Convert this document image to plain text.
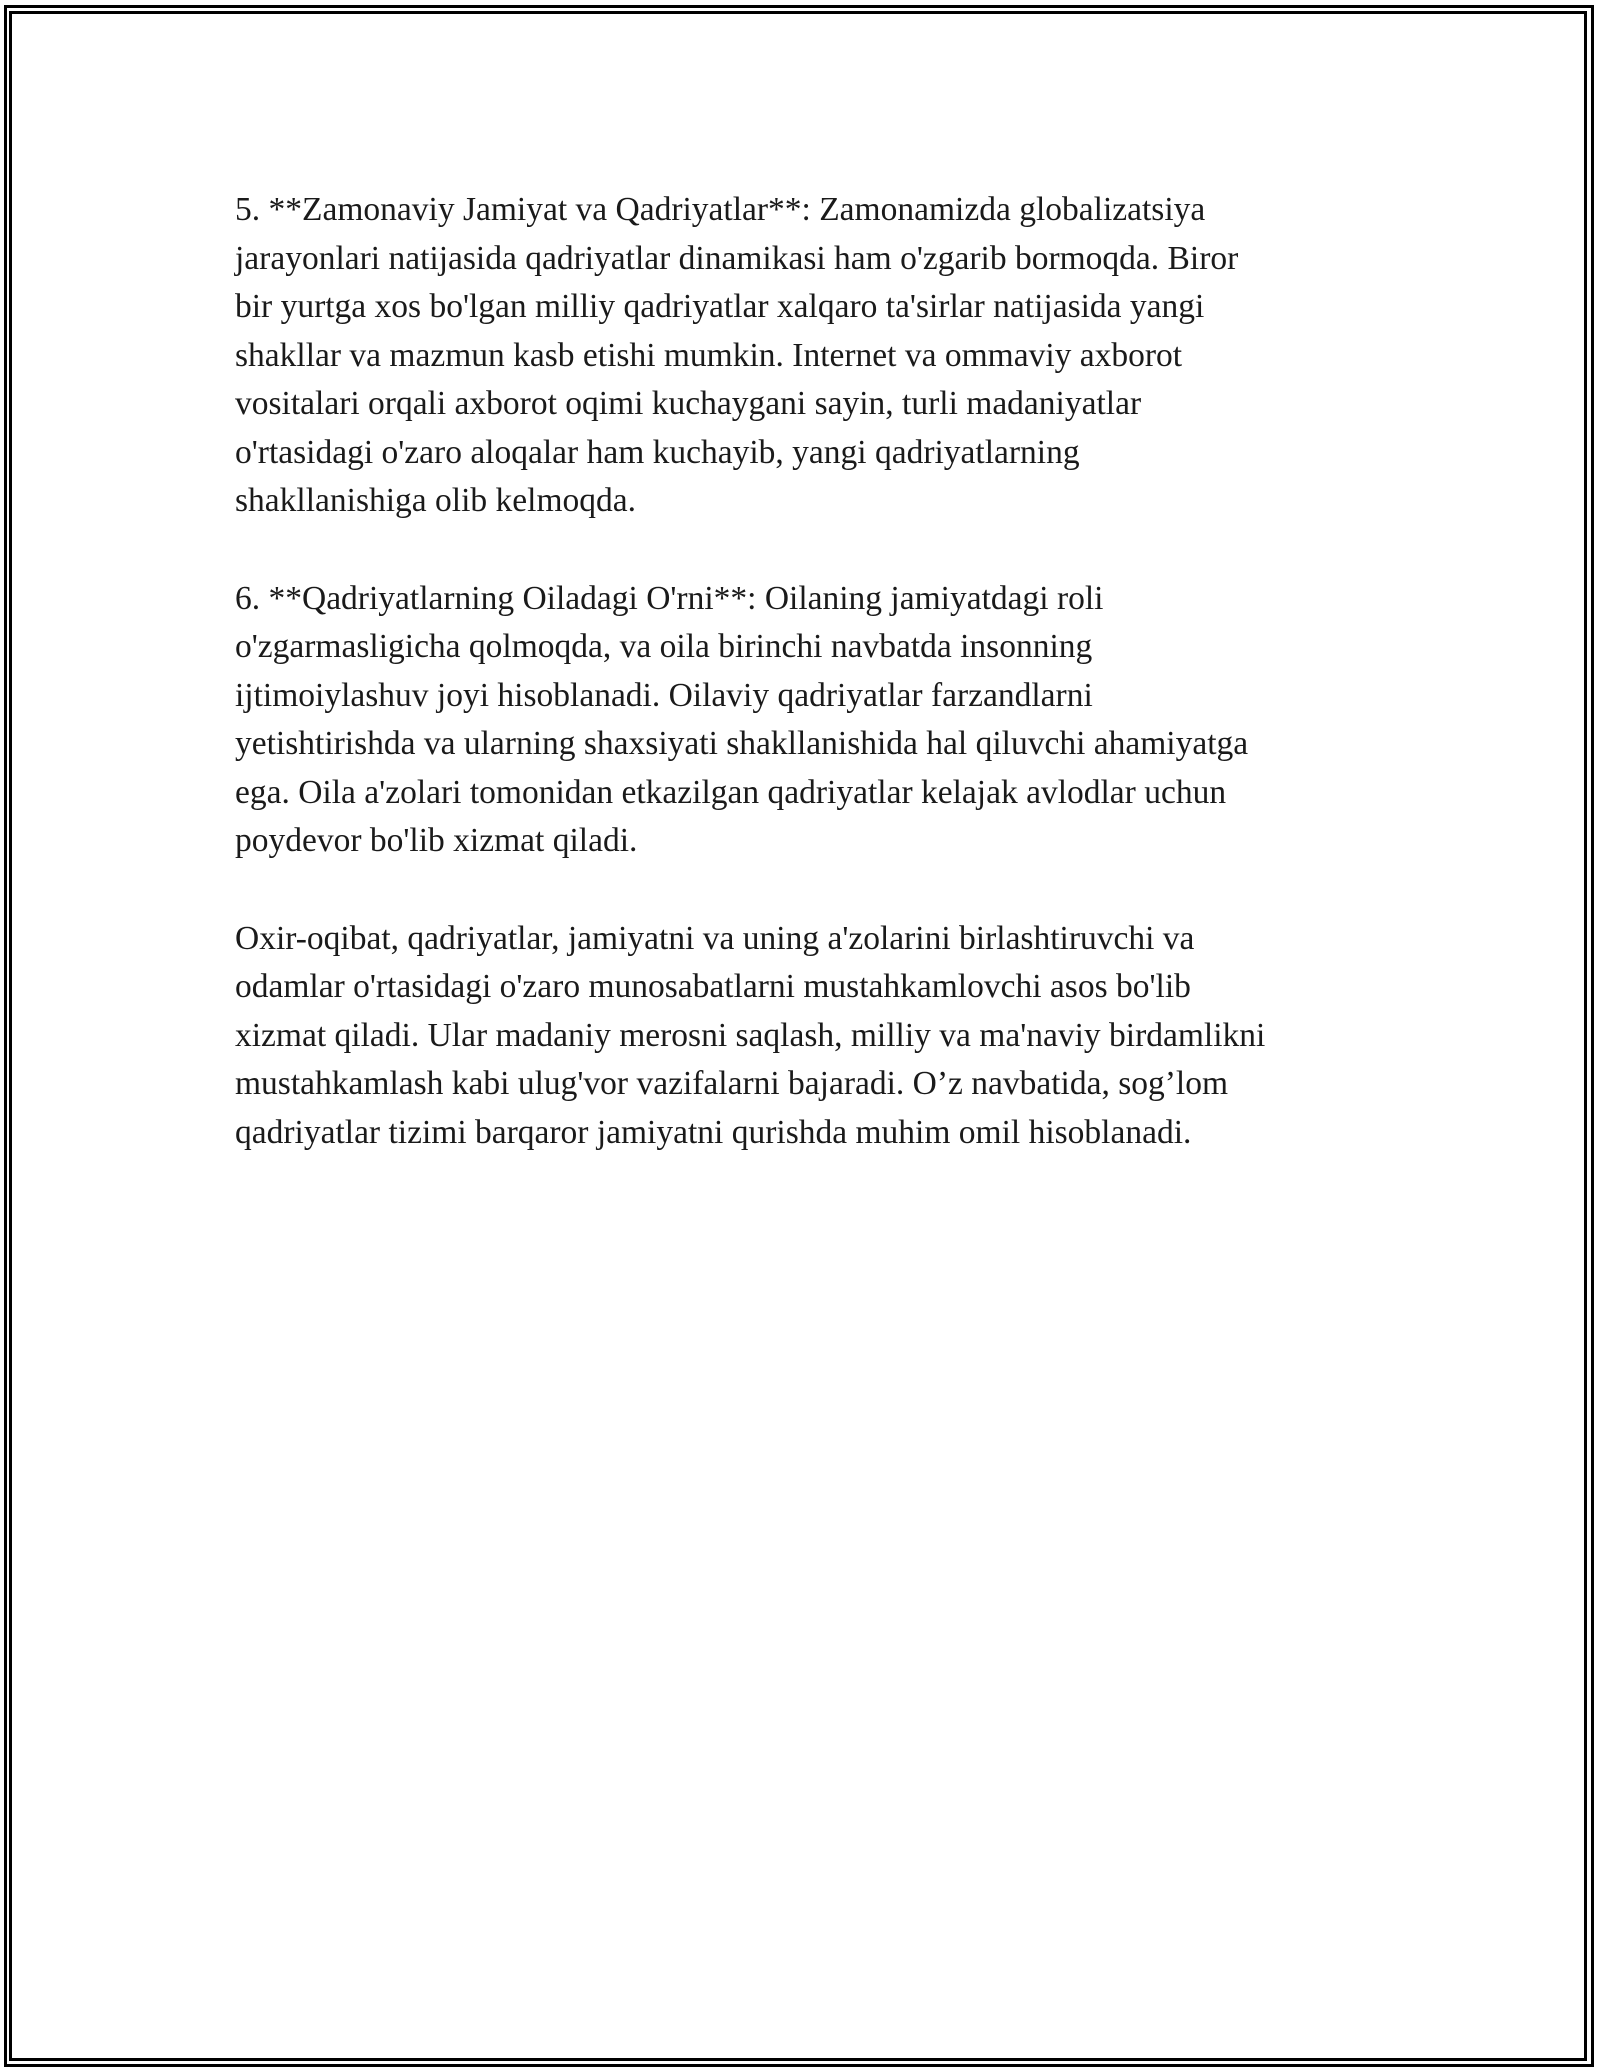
5. **Zamonaviy Jamiyat va Qadriyatlar**: Zamonamizda globalizatsiya
jarayonlari natijasida qadriyatlar dinamikasi ham o'zgarib bormoqda. Biror
bir yurtga xos bo'lgan milliy qadriyatlar xalqaro ta'sirlar natijasida yangi
shakllar va mazmun kasb etishi mumkin. Internet va ommaviy axborot
vositalari orqali axborot oqimi kuchaygani sayin, turli madaniyatlar
o'rtasidagi o'zaro aloqalar ham kuchayib, yangi qadriyatlarning
shakllanishiga olib kelmoqda.

6. **Qadriyatlarning Oiladagi O'rni**: Oilaning jamiyatdagi roli
o'zgarmasligicha qolmoqda, va oila birinchi navbatda insonning
ijtimoiylashuv joyi hisoblanadi. Oilaviy qadriyatlar farzandlarni
yetishtirishda va ularning shaxsiyati shakllanishida hal qiluvchi ahamiyatga
ega. Oila a'zolari tomonidan etkazilgan qadriyatlar kelajak avlodlar uchun
poydevor bo'lib xizmat qiladi.

Oxir-oqibat, qadriyatlar, jamiyatni va uning a'zolarini birlashtiruvchi va
odamlar o'rtasidagi o'zaro munosabatlarni mustahkamlovchi asos bo'lib
xizmat qiladi. Ular madaniy merosni saqlash, milliy va ma'naviy birdamlikni
mustahkamlash kabi ulug'vor vazifalarni bajaradi. O’z navbatida, sog’lom
qadriyatlar tizimi barqaror jamiyatni qurishda muhim omil hisoblanadi.
